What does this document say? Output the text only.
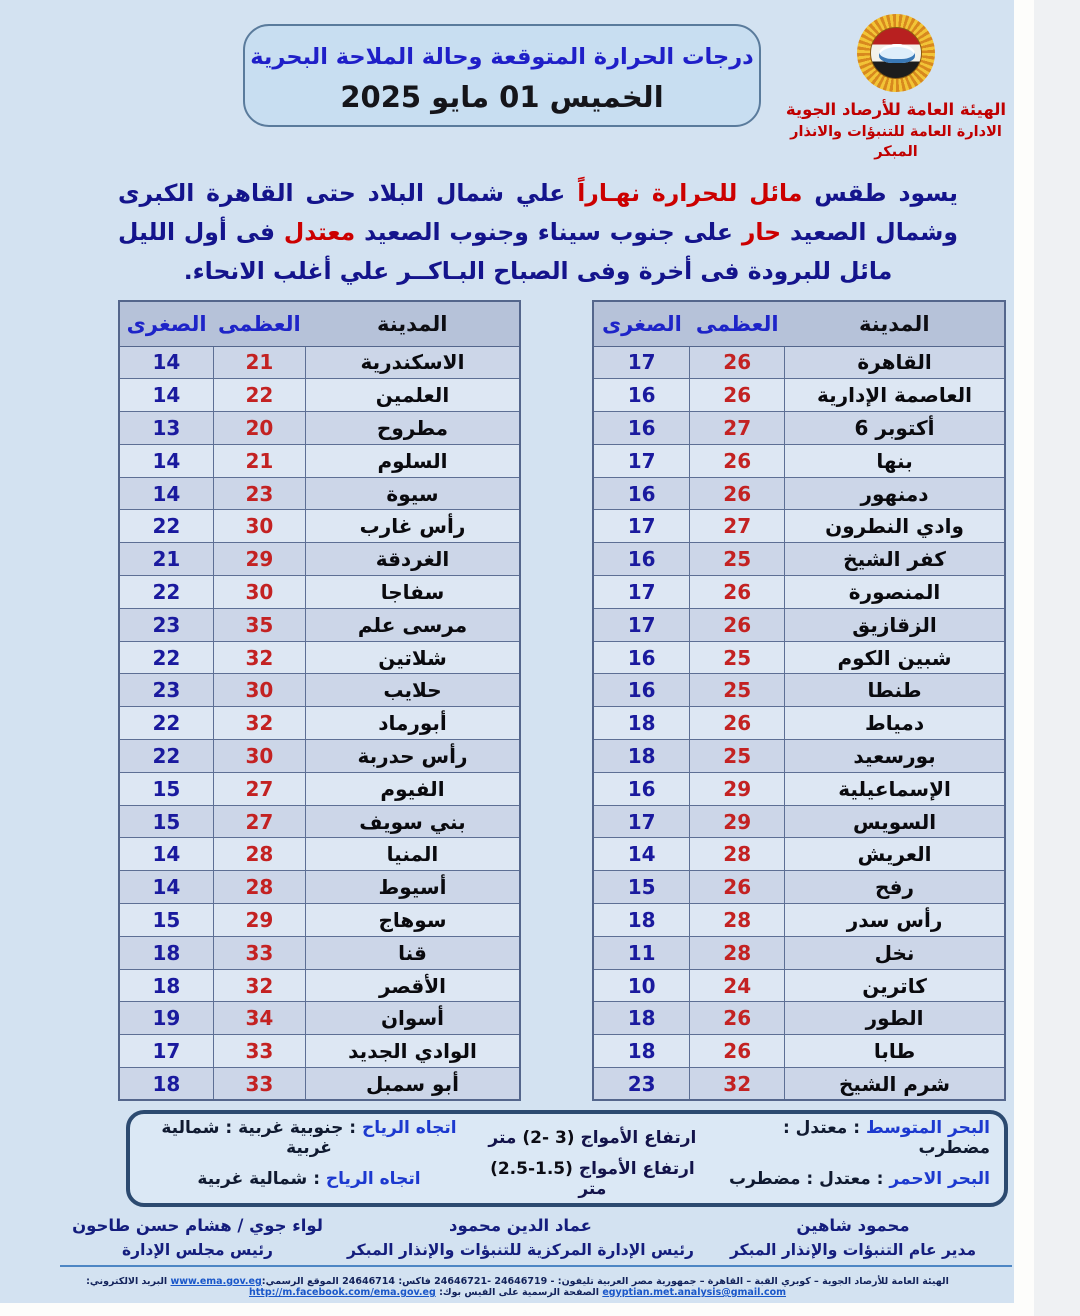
الهيئة العامة للأرصاد الجوية
الادارة العامة للتنبؤات والانذار المبكر
درجات الحرارة المتوقعة وحالة الملاحة البحرية
الخميس 01 مايو 2025

يسود طقس مائل للحرارة نهـاراً علي شمال البلاد حتى القاهرة الكبرى وشمال الصعيد حار على جنوب سيناء وجنوب الصعيد معتدل فى أول الليل مائل للبرودة فى أخرة وفى الصباح البـاكــر علي أغلب الانحاء.

المدينة	العظمى	الصغرى
الاسكندرية	21	14
العلمين	22	14
مطروح	20	13
السلوم	21	14
سيوة	23	14
رأس غارب	30	22
الغردقة	29	21
سفاجا	30	22
مرسى علم	35	23
شلاتين	32	22
حلايب	30	23
أبورماد	32	22
رأس حدربة	30	22
الفيوم	27	15
بني سويف	27	15
المنيا	28	14
أسيوط	28	14
سوهاج	29	15
قنا	33	18
الأقصر	32	18
أسوان	34	19
الوادي الجديد	33	17
أبو سمبل	33	18
المدينة	العظمى	الصغرى
القاهرة	26	17
العاصمة الإدارية	26	16
أكتوبر 6	27	16
بنها	26	17
دمنهور	26	16
وادي النطرون	27	17
كفر الشيخ	25	16
المنصورة	26	17
الزقازيق	26	17
شبين الكوم	25	16
طنطا	25	16
دمياط	26	18
بورسعيد	25	18
الإسماعيلية	29	16
السويس	29	17
العريش	28	14
رفح	26	15
رأس سدر	28	18
نخل	28	11
كاترين	24	10
الطور	26	18
طابا	26	18
شرم الشيخ	32	23
البحر المتوسط : معتدل : مضطرب
ارتفاع الأمواج (2- 3) متر
اتجاه الرياح : جنوبية غربية : شمالية غربية
البحر الاحمر : معتدل : مضطرب
ارتفاع الأمواج (2.5-1.5) متر
اتجاه الرياح : شمالية غربية
محمود شاهين
مدير عام التنبؤات والإنذار المبكر
عماد الدين محمود
رئيس الإدارة المركزية للتنبؤات والإنذار المبكر
لواء جوي / هشام حسن طاحون
رئيس مجلس الإدارة
الهيئة العامة للأرصاد الجوية – كوبري القبة – القاهرة – جمهورية مصر العربية تليفون: - 24646719 -24646721 فاكس: 24646714 الموقع الرسمي:www.ema.gov.eg البريد الالكتروني: egyptian.met.analysis@gmail.com الصفحة الرسمية على الفيس بوك: http://m.facebook.com/ema.gov.eg
